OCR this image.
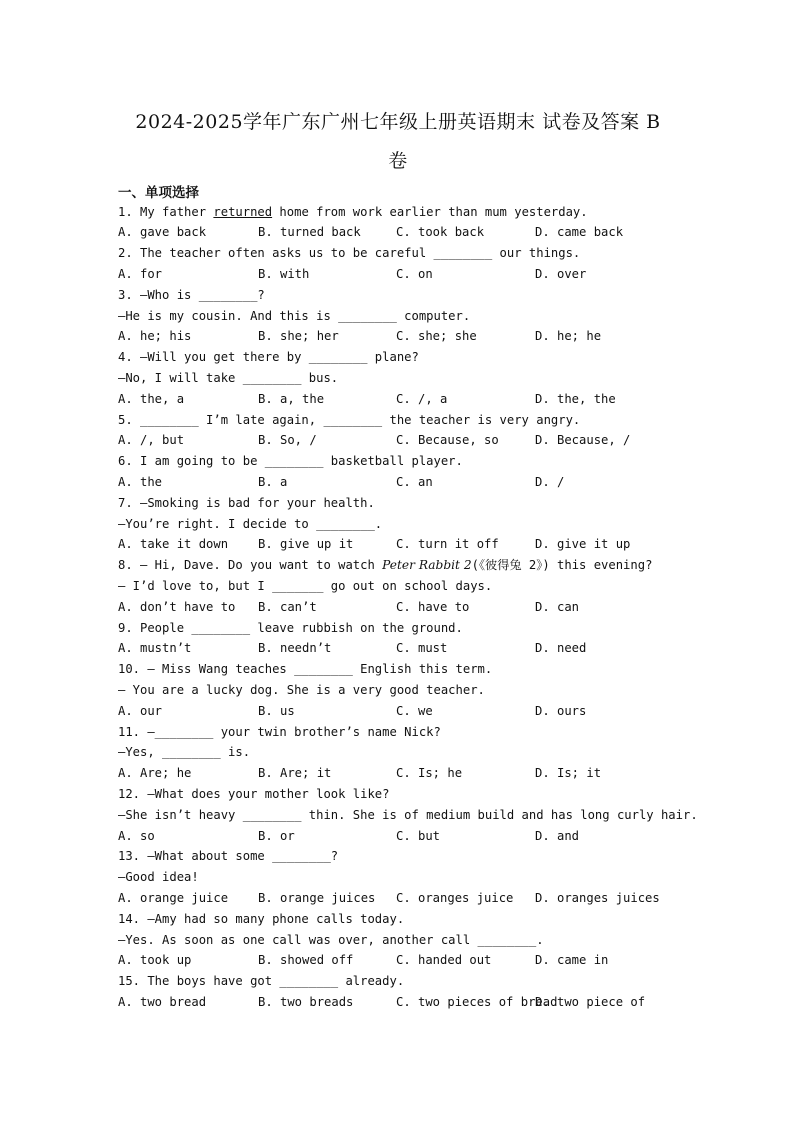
2024-2025学年广东广州七年级上册英语期末 试卷及答案 B
卷
一、单项选择
1. My father returned home from work earlier than mum yesterday.
A. gave back	B. turned back	C. took back	D. came back
2. The teacher often asks us to be careful ________ our things.
A. for	B. with	C. on	D. over
3. —Who is ________?
—He is my cousin. And this is ________ computer.
A. he; his	B. she; her	C. she; she	D. he; he
4. —Will you get there by ________ plane?
—No, I will take ________ bus.
A. the, a	B. a, the	C. /, a	D. the, the
5. ________ I’m late again, ________ the teacher is very angry.
A. /, but	B. So, /	C. Because, so	D. Because, /
6. I am going to be ________ basketball player.
A. the	B. a	C. an	D. /
7. —Smoking is bad for your health.
—You’re right. I decide to ________.
A. take it down B. give up it	C. turn it off	D. give it up
8. — Hi, Dave. Do you want to watch Peter Rabbit 2(《彼得兔 2》) this evening?
— I’d love to, but I _______ go out on school days.
A. don’t have to B. can’t	C. have to	D. can
9. People ________ leave rubbish on the ground.
A. mustn’t	B. needn’t	C. must	D. need
10. — Miss Wang teaches ________ English this term.
— You are a lucky dog. She is a very good teacher.
A. our	B. us	C. we	D. ours
11. —________ your twin brother’s name Nick?
—Yes, ________ is.
A. Are; he	B. Are; it	C. Is; he	D. Is; it
12. —What does your mother look like?
—She isn’t heavy ________ thin. She is of medium build and has long curly hair.
A. so	B. or	C. but	D. and
13. —What about some ________?
—Good idea!
A. orange juice B. orange juices C. oranges juice D. oranges juices
14. —Amy had so many phone calls today.
—Yes. As soon as one call was over, another call ________.
A. took up	B. showed off	C. handed out	D. came in
15. The boys have got ________ already.
A. two bread	B. two breads	C. two pieces of bread
D. two piece of
